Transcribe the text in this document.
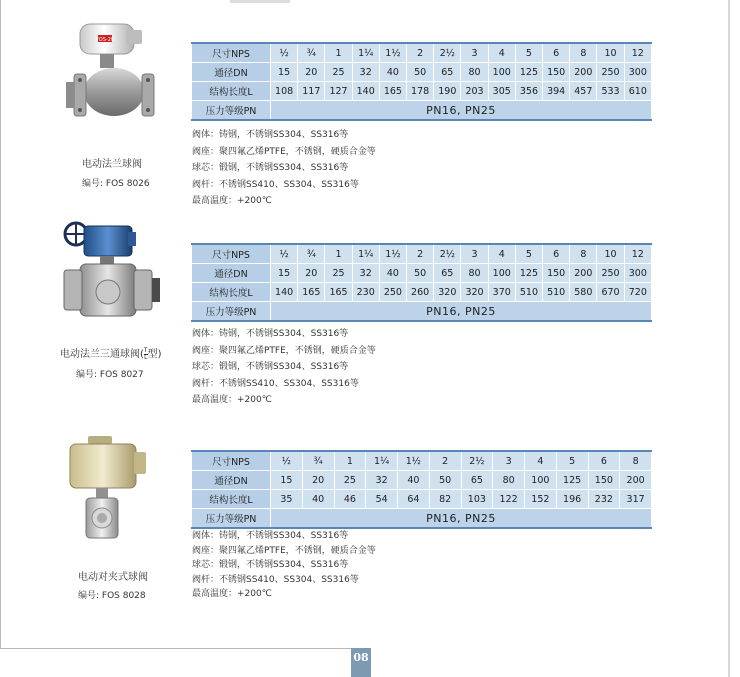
FOS-20
电动法兰球阀
编号: FOS 8026
尺寸NPS	½	¾	1	1¼	1½	2	2½	3	4	5	6	8	10	12
通径DN	15	20	25	32	40	50	65	80	100	125	150	200	250	300
结构长度L	108	117	127	140	165	178	190	203	305	356	394	457	533	610
压力等级PN	PN16, PN25													
阀体：铸钢，不锈钢SS304、SS316等
阀座：聚四氟乙烯PTFE，不锈钢，硬质合金等
球芯：锻钢，不锈钢SS304、SS316等
阀杆：不锈钢SS410、SS304、SS316等
最高温度：+200℃
电动法兰三通球阀( $\frac{T}{L}$ 型)
编号: FOS 8027
尺寸NPS	½	¾	1	1¼	1½	2	2½	3	4	5	6	8	10	12
通径DN	15	20	25	32	40	50	65	80	100	125	150	200	250	300
结构长度L	140	165	165	230	250	260	320	320	370	510	510	580	670	720
压力等级PN	PN16, PN25													
阀体：铸钢，不锈钢SS304、SS316等
阀座：聚四氟乙烯PTFE，不锈钢，硬质合金等
球芯：锻钢，不锈钢SS304、SS316等
阀杆：不锈钢SS410、SS304、SS316等
最高温度：+200℃
电动对夹式球阀
编号: FOS 8028
尺寸NPS	½	¾	1	1¼	1½	2	2½	3	4	5	6	8
通径DN	15	20	25	32	40	50	65	80	100	125	150	200
结构长度L	35	40	46	54	64	82	103	122	152	196	232	317
压力等级PN	PN16, PN25											
阀体：铸钢，不锈钢SS304、SS316等
阀座：聚四氟乙烯PTFE，不锈钢，硬质合金等
球芯：锻钢，不锈钢SS304、SS316等
阀杆：不锈钢SS410、SS304、SS316等
最高温度：+200℃
08
